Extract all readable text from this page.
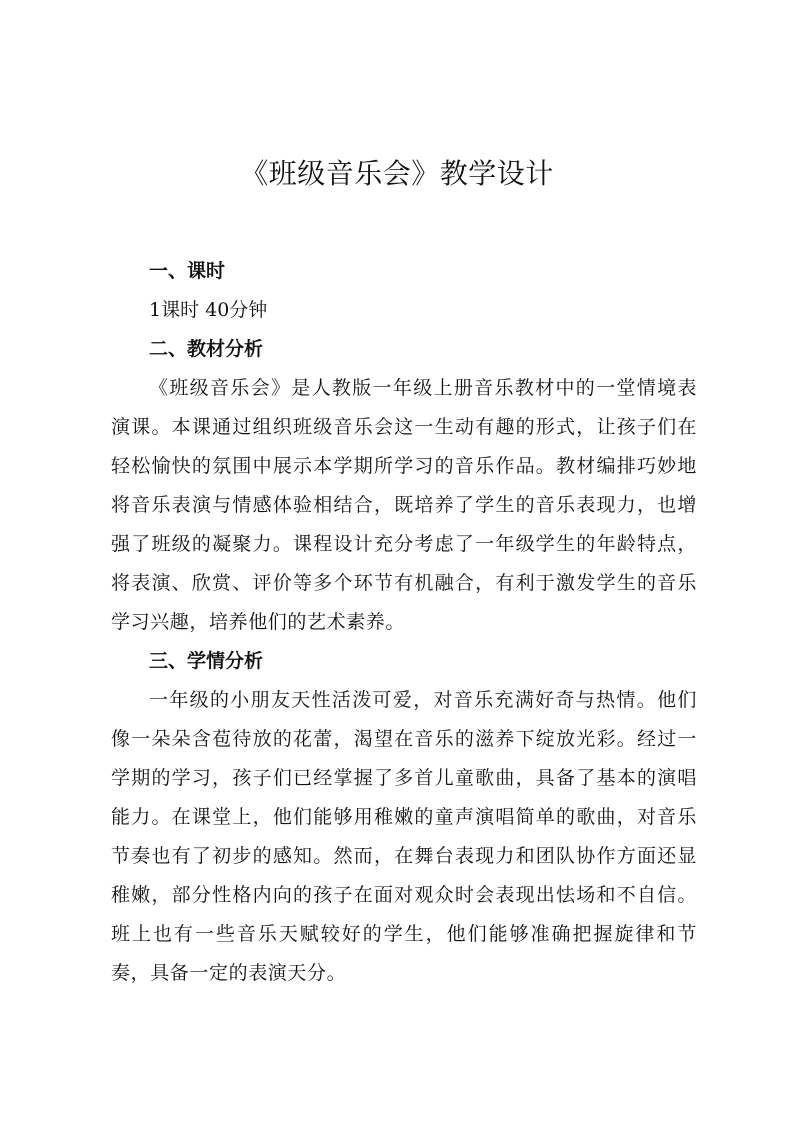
《班级音乐会》教学设计

一、课时

1课时 40分钟

二、教材分析

《班级音乐会》是人教版一年级上册音乐教材中的一堂情境表演课。本课通过组织班级音乐会这一生动有趣的形式，让孩子们在轻松愉快的氛围中展示本学期所学习的音乐作品。教材编排巧妙地将音乐表演与情感体验相结合，既培养了学生的音乐表现力，也增强了班级的凝聚力。课程设计充分考虑了一年级学生的年龄特点，将表演、欣赏、评价等多个环节有机融合，有利于激发学生的音乐学习兴趣，培养他们的艺术素养。

三、学情分析

一年级的小朋友天性活泼可爱，对音乐充满好奇与热情。他们像一朵朵含苞待放的花蕾，渴望在音乐的滋养下绽放光彩。经过一学期的学习，孩子们已经掌握了多首儿童歌曲，具备了基本的演唱能力。在课堂上，他们能够用稚嫩的童声演唱简单的歌曲，对音乐节奏也有了初步的感知。然而，在舞台表现力和团队协作方面还显稚嫩，部分性格内向的孩子在面对观众时会表现出怯场和不自信。班上也有一些音乐天赋较好的学生，他们能够准确把握旋律和节奏，具备一定的表演天分。
